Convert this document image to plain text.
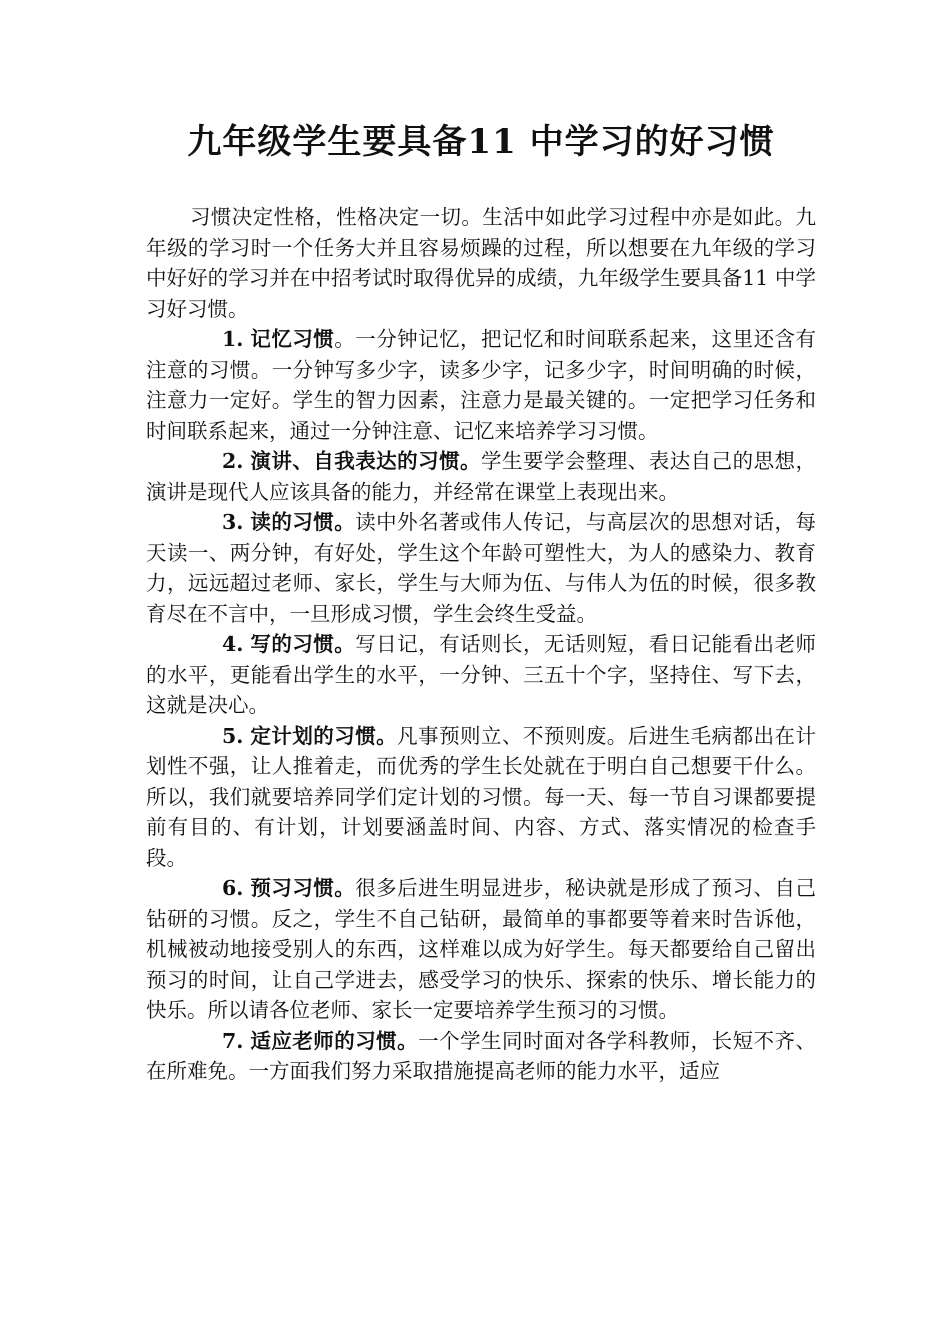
九年级学生要具备11 中学习的好习惯

习惯决定性格，性格决定一切。生活中如此学习过程中亦是如此。九年级的学习时一个任务大并且容易烦躁的过程，所以想要在九年级的学习中好好的学习并在中招考试时取得优异的成绩，九年级学生要具备11 中学习好习惯。

1. 记忆习惯。一分钟记忆，把记忆和时间联系起来，这里还含有注意的习惯。一分钟写多少字，读多少字，记多少字，时间明确的时候，注意力一定好。学生的智力因素，注意力是最关键的。一定把学习任务和时间联系起来，通过一分钟注意、记忆来培养学习习惯。

2. 演讲、自我表达的习惯。学生要学会整理、表达自己的思想，演讲是现代人应该具备的能力，并经常在课堂上表现出来。

3. 读的习惯。读中外名著或伟人传记，与高层次的思想对话，每天读一、两分钟，有好处，学生这个年龄可塑性大，为人的感染力、教育力，远远超过老师、家长，学生与大师为伍、与伟人为伍的时候，很多教育尽在不言中，一旦形成习惯，学生会终生受益。

4. 写的习惯。写日记，有话则长，无话则短，看日记能看出老师的水平，更能看出学生的水平，一分钟、三五十个字，坚持住、写下去，这就是决心。

5. 定计划的习惯。凡事预则立、不预则废。后进生毛病都出在计划性不强，让人推着走，而优秀的学生长处就在于明白自己想要干什么。所以，我们就要培养同学们定计划的习惯。每一天、每一节自习课都要提前有目的、有计划，计划要涵盖时间、内容、方式、落实情况的检查手段。

6. 预习习惯。很多后进生明显进步，秘诀就是形成了预习、自己钻研的习惯。反之，学生不自己钻研，最简单的事都要等着来时告诉他，机械被动地接受别人的东西，这样难以成为好学生。每天都要给自己留出预习的时间，让自己学进去，感受学习的快乐、探索的快乐、增长能力的快乐。所以请各位老师、家长一定要培养学生预习的习惯。

7. 适应老师的习惯。一个学生同时面对各学科教师，长短不齐、在所难免。一方面我们努力采取措施提高老师的能力水平，适应
